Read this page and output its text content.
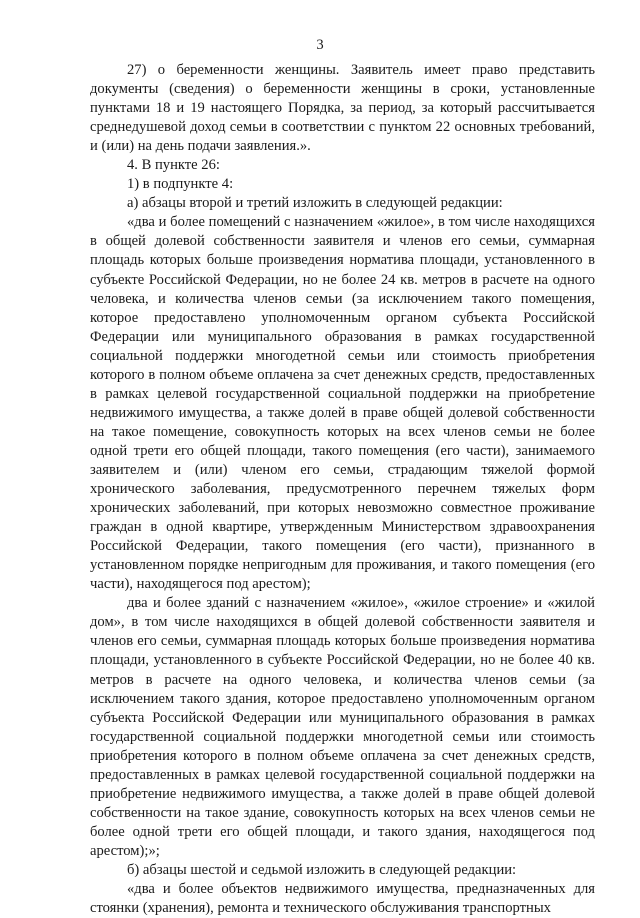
3

27) о беременности женщины. Заявитель имеет право представить документы (сведения) о беременности женщины в сроки, установленные пунктами 18 и 19 настоящего Порядка, за период, за который рассчитывается среднедушевой доход семьи в соответствии с пунктом 22 основных требований, и (или) на день подачи заявления.».

4. В пункте 26:

1) в подпункте 4:

а) абзацы второй и третий изложить в следующей редакции:

«два и более помещений с назначением «жилое», в том числе находящихся в общей долевой собственности заявителя и членов его семьи, суммарная площадь которых больше произведения норматива площади, установленного в субъекте Российской Федерации, но не более 24 кв. метров в расчете на одного человека, и количества членов семьи (за исключением такого помещения, которое предоставлено уполномоченным органом субъекта Российской Федерации или муниципального образования в рамках государственной социальной поддержки многодетной семьи или стоимость приобретения которого в полном объеме оплачена за счет денежных средств, предоставленных в рамках целевой государственной социальной поддержки на приобретение недвижимого имущества, а также долей в праве общей долевой собственности на такое помещение, совокупность которых на всех членов семьи не более одной трети его общей площади, такого помещения (его части), занимаемого заявителем и (или) членом его семьи, страдающим тяжелой формой хронического заболевания, предусмотренного перечнем тяжелых форм хронических заболеваний, при которых невозможно совместное проживание граждан в одной квартире, утвержденным Министерством здравоохранения Российской Федерации, такого помещения (его части), признанного в установленном порядке непригодным для проживания, и такого помещения (его части), находящегося под арестом);

два и более зданий с назначением «жилое», «жилое строение» и «жилой дом», в том числе находящихся в общей долевой собственности заявителя и членов его семьи, суммарная площадь которых больше произведения норматива площади, установленного в субъекте Российской Федерации, но не более 40 кв. метров в расчете на одного человека, и количества членов семьи (за исключением такого здания, которое предоставлено уполномоченным органом субъекта Российской Федерации или муниципального образования в рамках государственной социальной поддержки многодетной семьи или стоимость приобретения которого в полном объеме оплачена за счет денежных средств, предоставленных в рамках целевой государственной социальной поддержки на приобретение недвижимого имущества, а также долей в праве общей долевой собственности на такое здание, совокупность которых на всех членов семьи не более одной трети его общей площади, и такого здания, находящегося под арестом);»;

б) абзацы шестой и седьмой изложить в следующей редакции:

«два и более объектов недвижимого имущества, предназначенных для стоянки (хранения), ремонта и технического обслуживания транспортных
